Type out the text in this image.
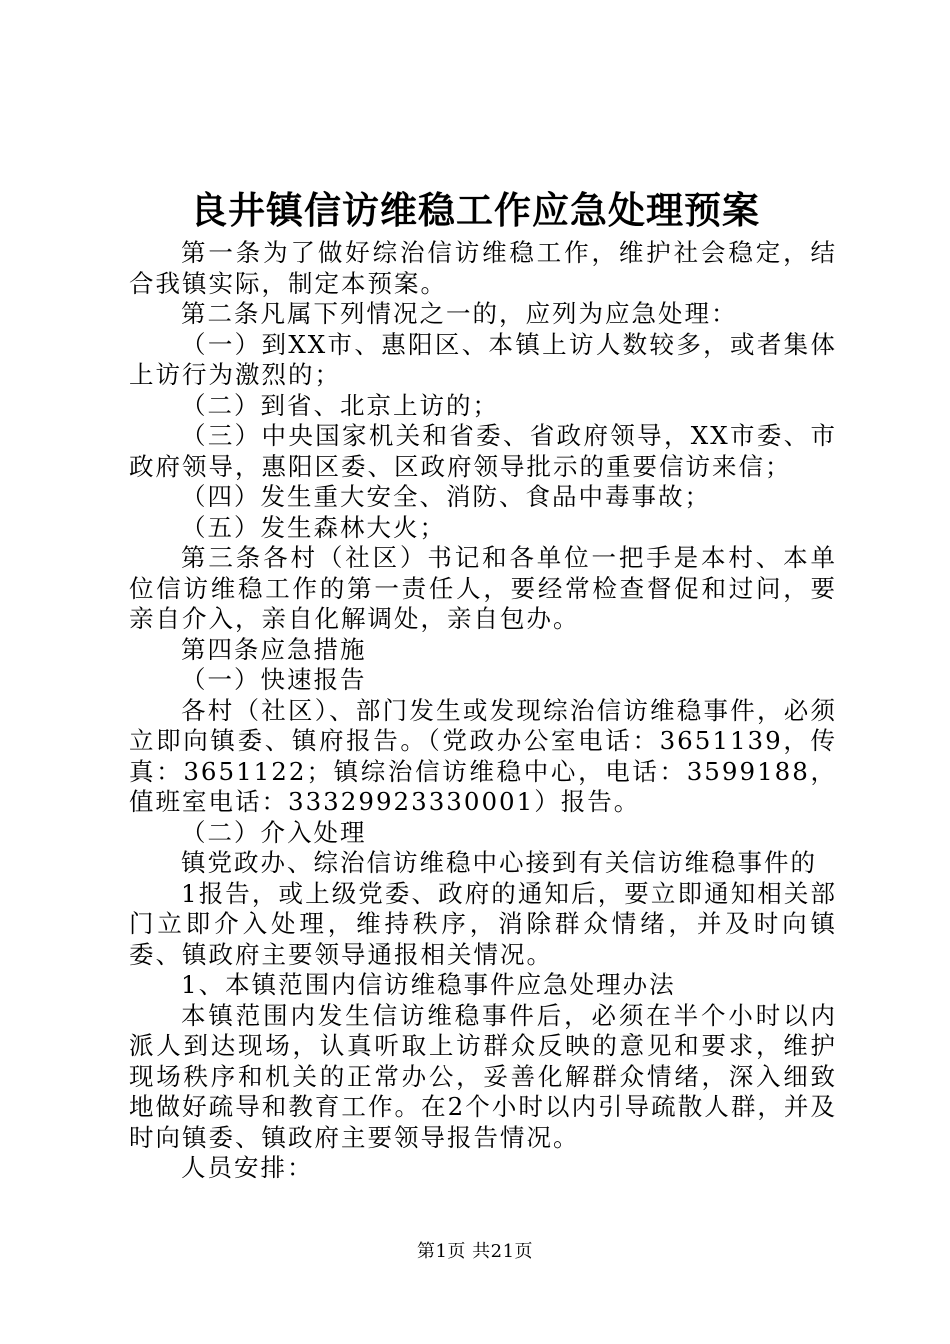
良井镇信访维稳工作应急处理预案

第一条为了做好综治信访维稳工作，维护社会稳定，结合我镇实际，制定本预案。

第二条凡属下列情况之一的，应列为应急处理：

（一）到XX市、惠阳区、本镇上访人数较多，或者集体上访行为激烈的；

（二）到省、北京上访的；

（三）中央国家机关和省委、省政府领导，XX市委、市政府领导，惠阳区委、区政府领导批示的重要信访来信；

（四）发生重大安全、消防、食品中毒事故；

（五）发生森林大火；

第三条各村（社区）书记和各单位一把手是本村、本单位信访维稳工作的第一责任人，要经常检查督促和过问，要亲自介入，亲自化解调处，亲自包办。

第四条应急措施

（一）快速报告

各村（社区）、部门发生或发现综治信访维稳事件，必须立即向镇委、镇府报告。（党政办公室电话：3651139，传真：3651122；镇综治信访维稳中心，电话：3599188，值班室电话：33329923330001）报告。

（二）介入处理

镇党政办、综治信访维稳中心接到有关信访维稳事件的

1报告，或上级党委、政府的通知后，要立即通知相关部门立即介入处理，维持秩序，消除群众情绪，并及时向镇委、镇政府主要领导通报相关情况。

1、本镇范围内信访维稳事件应急处理办法

本镇范围内发生信访维稳事件后，必须在半个小时以内派人到达现场，认真听取上访群众反映的意见和要求，维护现场秩序和机关的正常办公，妥善化解群众情绪，深入细致地做好疏导和教育工作。在2个小时以内引导疏散人群，并及时向镇委、镇政府主要领导报告情况。

人员安排：

第1页 共21页
